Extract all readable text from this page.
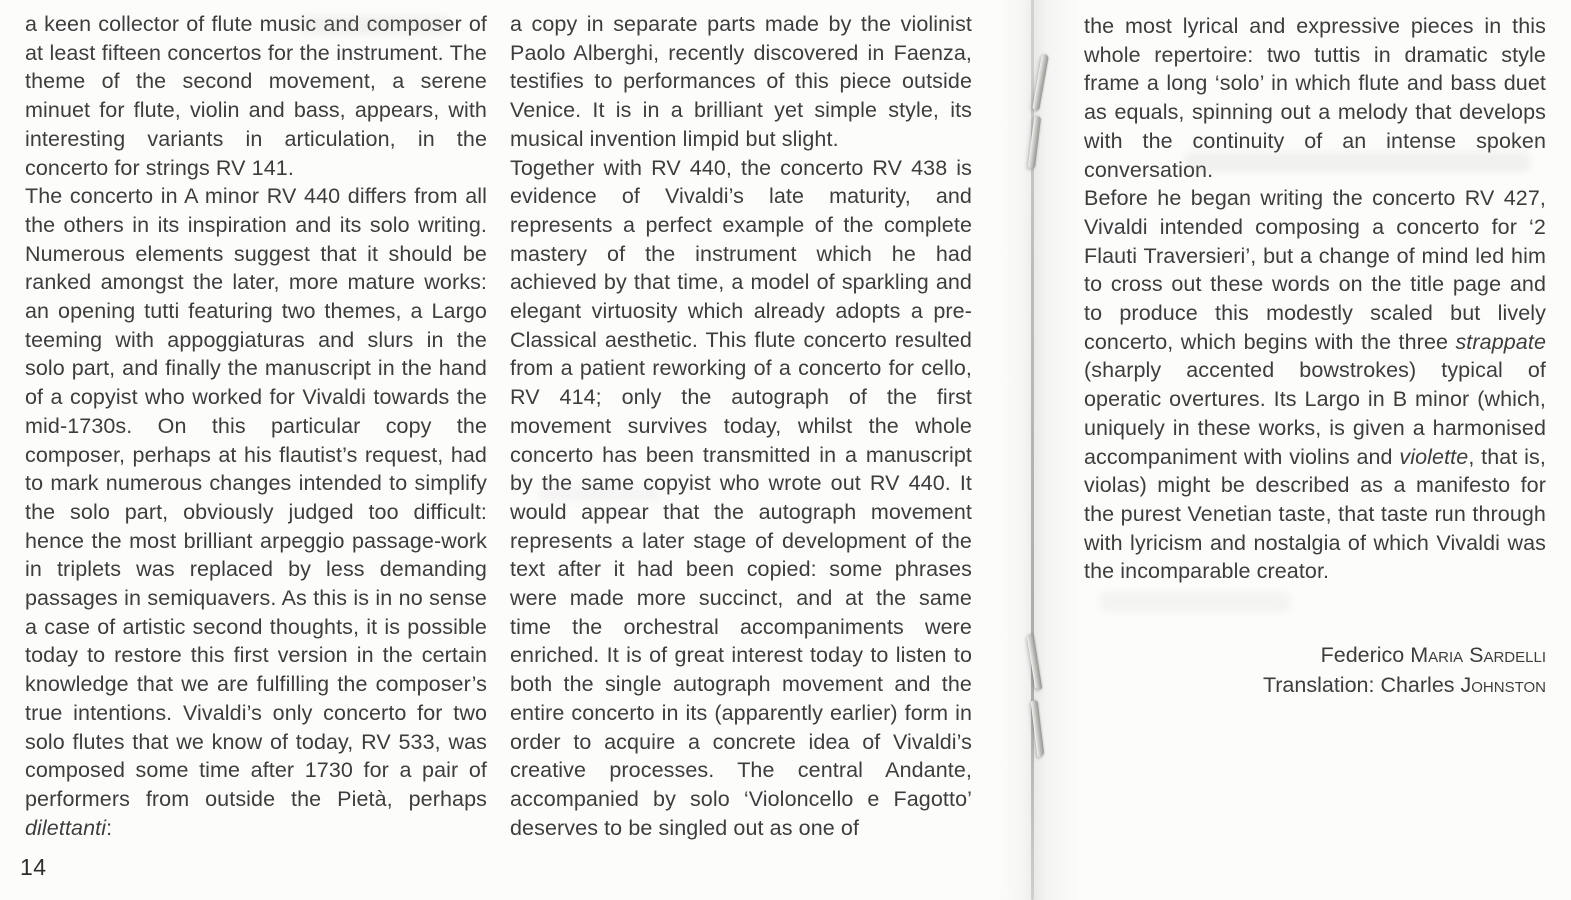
a keen collector of flute music and composer of at least fifteen concertos for the instrument. The theme of the second movement, a serene minuet for flute, violin and bass, appears, with interesting variants in articulation, in the concerto for strings RV 141.

The concerto in A minor RV 440 differs from all the others in its inspiration and its solo writing. Numerous elements suggest that it should be ranked amongst the later, more mature works: an opening tutti featuring two themes, a Largo teeming with appoggiaturas and slurs in the solo part, and finally the manuscript in the hand of a copyist who worked for Vivaldi towards the mid-1730s. On this particular copy the composer, perhaps at his flautist’s request, had to mark numerous changes intended to simplify the solo part, obviously judged too difficult: hence the most brilliant arpeggio passage-work in triplets was replaced by less demanding passages in semiquavers. As this is in no sense a case of artistic second thoughts, it is possible today to restore this first version in the certain knowledge that we are fulfilling the composer’s true intentions. Vivaldi’s only concerto for two solo flutes that we know of today, RV 533, was composed some time after 1730 for a pair of performers from outside the Pietà, perhaps dilettanti:

a copy in separate parts made by the violinist Paolo Alberghi, recently discovered in Faenza, testifies to performances of this piece outside Venice. It is in a brilliant yet simple style, its musical invention limpid but slight.

Together with RV 440, the concerto RV 438 is evidence of Vivaldi’s late maturity, and represents a perfect example of the complete mastery of the instrument which he had achieved by that time, a model of sparkling and elegant virtuosity which already adopts a pre-Classical aesthetic. This flute concerto resulted from a patient reworking of a concerto for cello, RV 414; only the autograph of the first movement survives today, whilst the whole concerto has been transmitted in a manuscript by the same copyist who wrote out RV 440. It would appear that the autograph movement represents a later stage of development of the text after it had been copied: some phrases were made more succinct, and at the same time the orchestral accompaniments were enriched. It is of great interest today to listen to both the single autograph movement and the entire concerto in its (apparently earlier) form in order to acquire a concrete idea of Vivaldi’s creative processes. The central Andante, accompanied by solo ‘Violoncello e Fagotto’ deserves to be singled out as one of

the most lyrical and expressive pieces in this whole repertoire: two tuttis in dramatic style frame a long ‘solo’ in which flute and bass duet as equals, spinning out a melody that develops with the continuity of an intense spoken conversation.

Before he began writing the concerto RV 427, Vivaldi intended composing a concerto for ‘2 Flauti Traversieri’, but a change of mind led him to cross out these words on the title page and to produce this modestly scaled but lively concerto, which begins with the three strappate (sharply accented bowstrokes) typical of operatic overtures. Its Largo in B minor (which, uniquely in these works, is given a harmonised accompaniment with violins and violette, that is, violas) might be described as a manifesto for the purest Venetian taste, that taste run through with lyricism and nostalgia of which Vivaldi was the incomparable creator.

Federico Maria Sardelli
Translation: Charles Johnston
14
